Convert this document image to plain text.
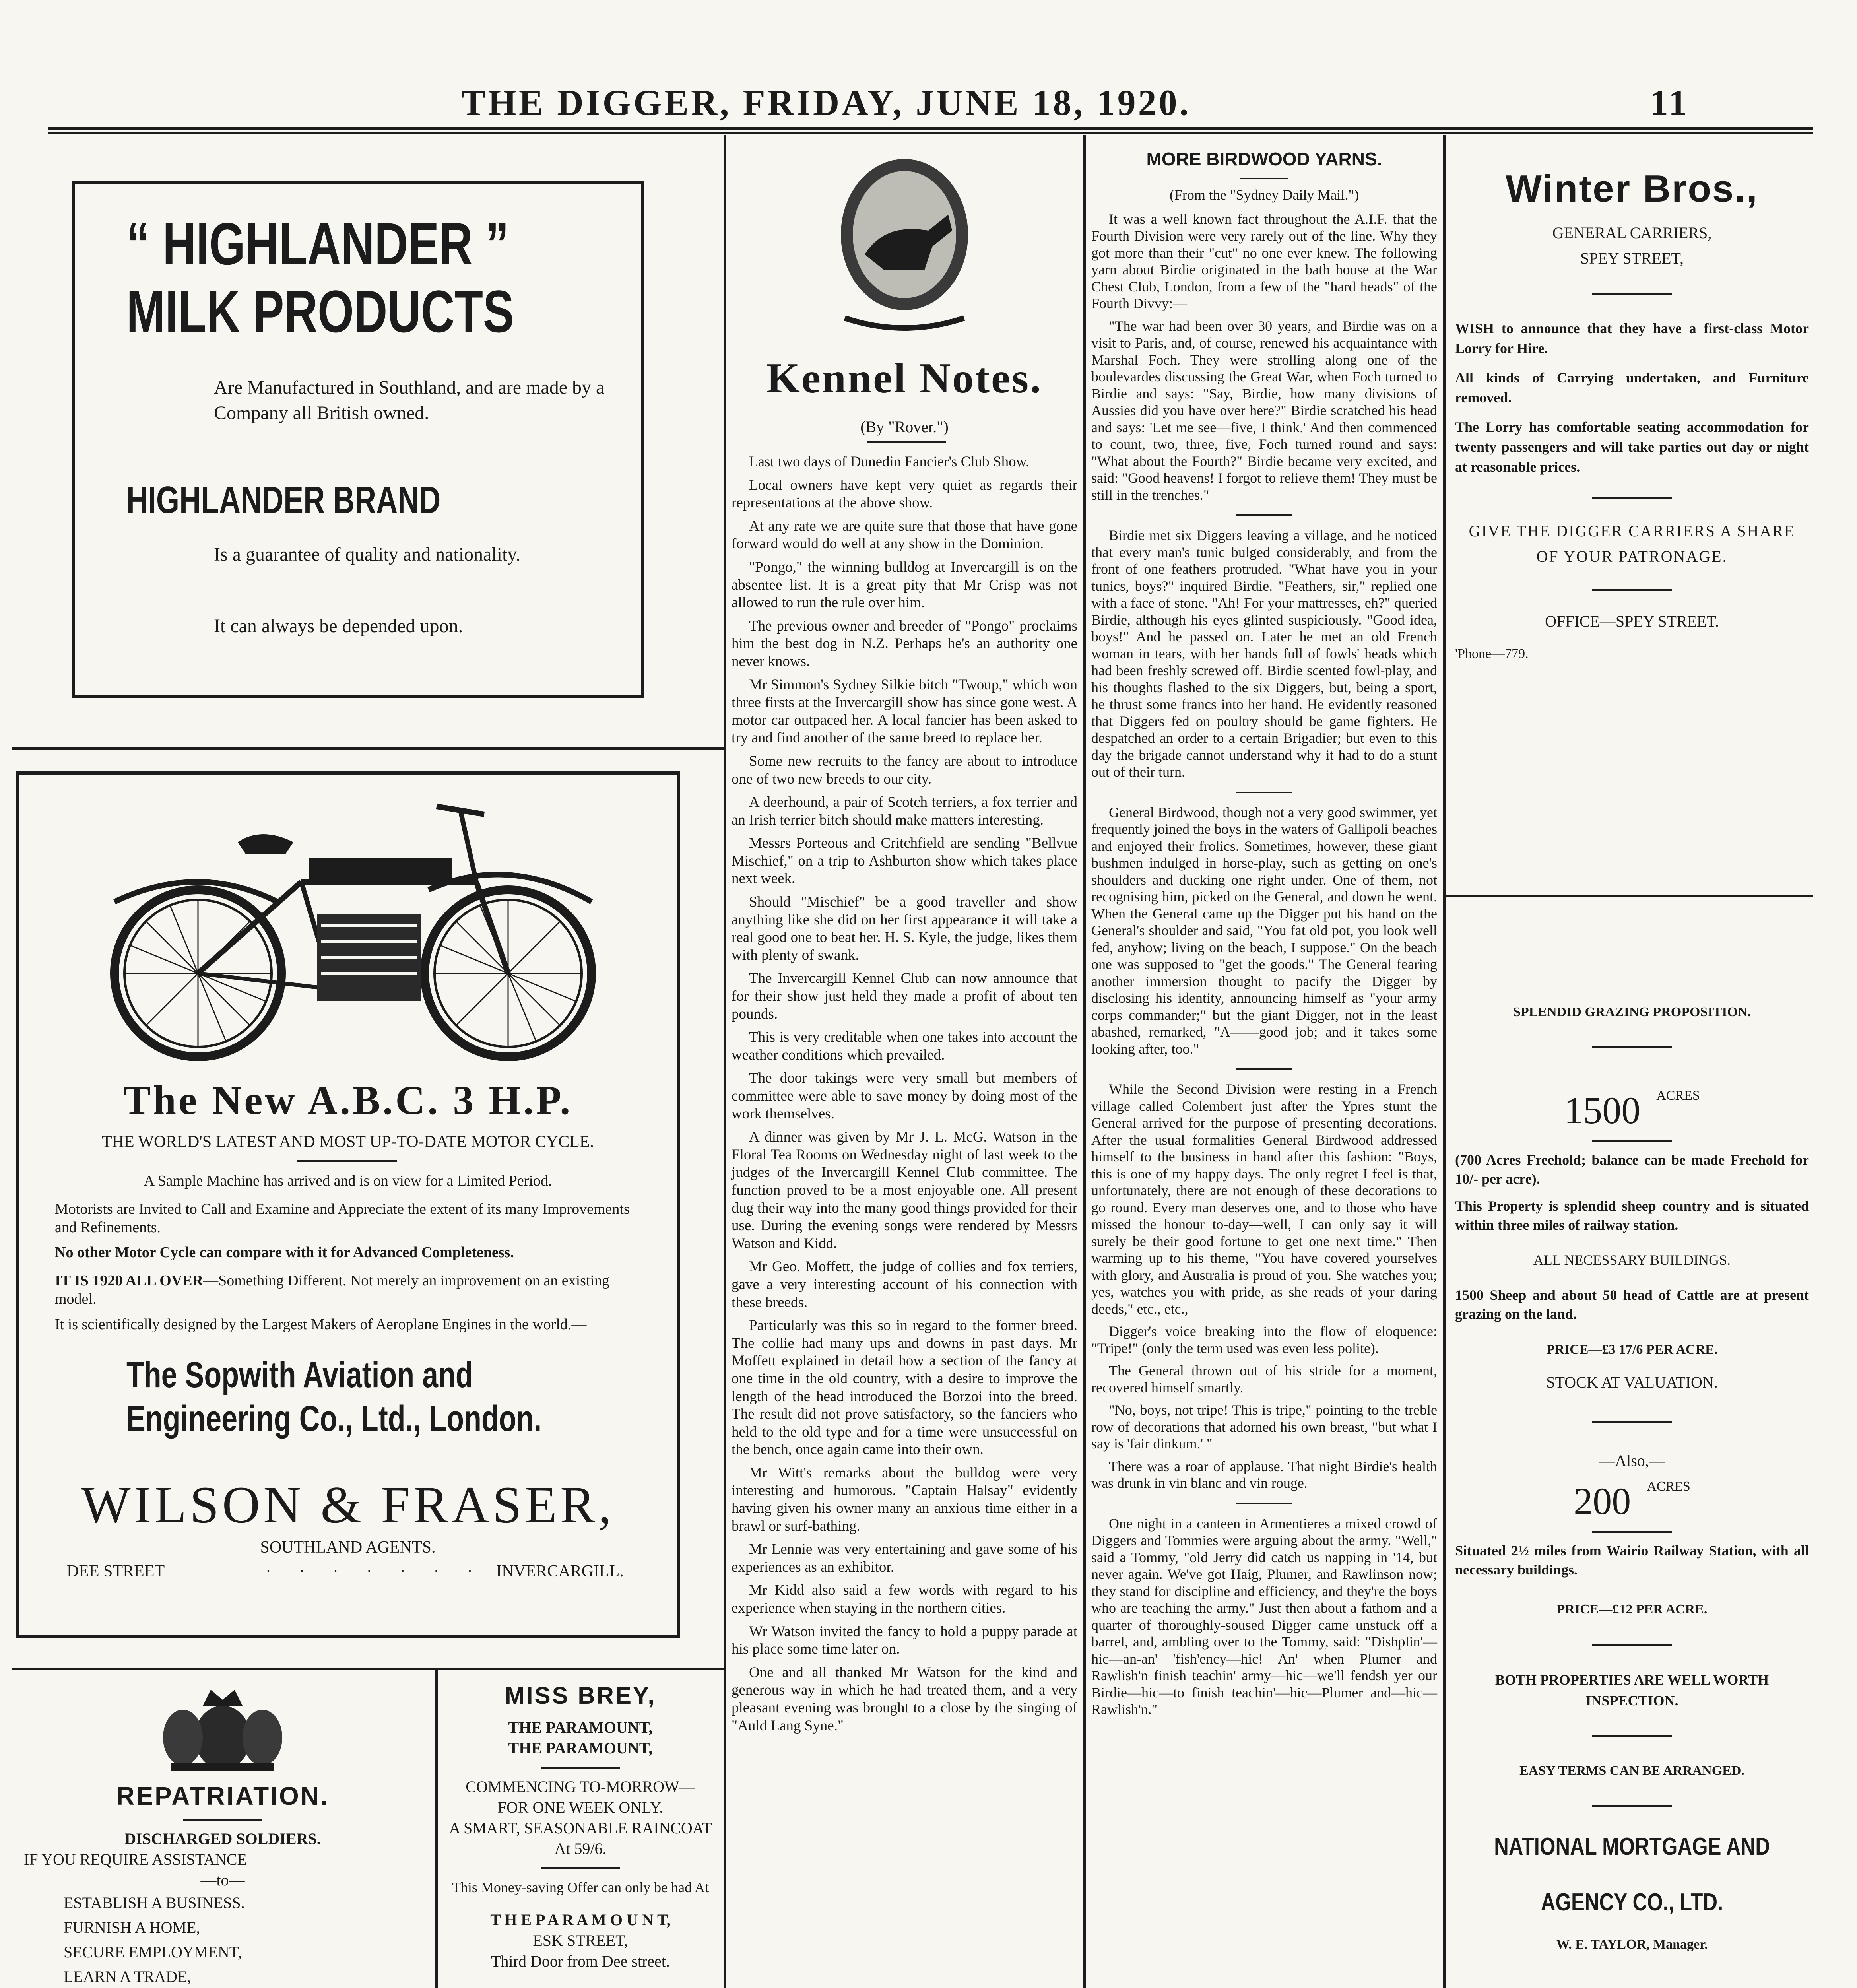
THE DIGGER, FRIDAY, JUNE 18, 1920.	11
“ HIGHLANDER ”
MILK PRODUCTS
Are Manufactured in Southland, and are made by a Company all British owned.
HIGHLANDER BRAND
Is a guarantee of quality and nationality.
It can always be depended upon.
The New A.B.C. 3 H.P.
THE WORLD'S LATEST AND MOST UP-TO-DATE MOTOR CYCLE.
A Sample Machine has arrived and is on view for a Limited Period.
Motorists are Invited to Call and Examine and Appreciate the extent of its many Improvements and Refinements.
No other Motor Cycle can compare with it for Advanced Completeness.
IT IS 1920 ALL OVER—Something Different. Not merely an improvement on an existing model.
It is scientifically designed by the Largest Makers of Aeroplane Engines in the world.—
The Sopwith Aviation and
Engineering Co., Ltd., London.
WILSON & FRASER,
SOUTHLAND AGENTS.
DEE STREET	· · · · · · · INVERCARGILL.
REPATRIATION.
DISCHARGED SOLDIERS.
IF YOU REQUIRE ASSISTANCE
—to—
ESTABLISH A BUSINESS.
FURNISH A HOME,
SECURE EMPLOYMENT,
LEARN A TRADE,
MISS BREY,
THE PARAMOUNT,
THE PARAMOUNT,
COMMENCING TO-MORROW—
FOR ONE WEEK ONLY.
A SMART, SEASONABLE RAINCOAT
At 59/6.
This Money-saving Offer can only be had At
T H E P A R A M O U N T,
ESK STREET,
Third Door from Dee street.
Kennel Notes.
(By "Rover.")

Last two days of Dunedin Fancier's Club Show.

Local owners have kept very quiet as regards their representations at the above show.

At any rate we are quite sure that those that have gone forward would do well at any show in the Dominion.

"Pongo," the winning bulldog at Invercargill is on the absentee list. It is a great pity that Mr Crisp was not allowed to run the rule over him.

The previous owner and breeder of "Pongo" proclaims him the best dog in N.Z. Perhaps he's an authority one never knows.

Mr Simmon's Sydney Silkie bitch "Twoup," which won three firsts at the Invercargill show has since gone west. A motor car outpaced her. A local fancier has been asked to try and find another of the same breed to replace her.

Some new recruits to the fancy are about to introduce one of two new breeds to our city.

A deerhound, a pair of Scotch terriers, a fox terrier and an Irish terrier bitch should make matters interesting.

Messrs Porteous and Critchfield are sending "Bellvue Mischief," on a trip to Ashburton show which takes place next week.

Should "Mischief" be a good traveller and show anything like she did on her first appearance it will take a real good one to beat her. H. S. Kyle, the judge, likes them with plenty of swank.

The Invercargill Kennel Club can now announce that for their show just held they made a profit of about ten pounds.

This is very creditable when one takes into account the weather conditions which prevailed.

The door takings were very small but members of committee were able to save money by doing most of the work themselves.

A dinner was given by Mr J. L. McG. Watson in the Floral Tea Rooms on Wednesday night of last week to the judges of the Invercargill Kennel Club committee. The function proved to be a most enjoyable one. All present dug their way into the many good things provided for their use. During the evening songs were rendered by Messrs Watson and Kidd.

Mr Geo. Moffett, the judge of collies and fox terriers, gave a very interesting account of his connection with these breeds.

Particularly was this so in regard to the former breed. The collie had many ups and downs in past days. Mr Moffett explained in detail how a section of the fancy at one time in the old country, with a desire to improve the length of the head introduced the Borzoi into the breed. The result did not prove satisfactory, so the fanciers who held to the old type and for a time were unsuccessful on the bench, once again came into their own.

Mr Witt's remarks about the bulldog were very interesting and humorous. "Captain Halsay" evidently having given his owner many an anxious time either in a brawl or surf-bathing.

Mr Lennie was very entertaining and gave some of his experiences as an exhibitor.

Mr Kidd also said a few words with regard to his experience when staying in the northern cities.

Wr Watson invited the fancy to hold a puppy parade at his place some time later on.

One and all thanked Mr Watson for the kind and generous way in which he had treated them, and a very pleasant evening was brought to a close by the singing of "Auld Lang Syne."

MORE BIRDWOOD YARNS.
(From the "Sydney Daily Mail.")

It was a well known fact throughout the A.I.F. that the Fourth Division were very rarely out of the line. Why they got more than their "cut" no one ever knew. The following yarn about Birdie originated in the bath house at the War Chest Club, London, from a few of the "hard heads" of the Fourth Divvy:—

"The war had been over 30 years, and Birdie was on a visit to Paris, and, of course, renewed his acquaintance with Marshal Foch. They were strolling along one of the boulevardes discussing the Great War, when Foch turned to Birdie and says: "Say, Birdie, how many divisions of Aussies did you have over here?" Birdie scratched his head and says: 'Let me see—five, I think.' And then commenced to count, two, three, five, Foch turned round and says: "What about the Fourth?" Birdie became very excited, and said: "Good heavens! I forgot to relieve them! They must be still in the trenches."

Birdie met six Diggers leaving a village, and he noticed that every man's tunic bulged considerably, and from the front of one feathers protruded. "What have you in your tunics, boys?" inquired Birdie. "Feathers, sir," replied one with a face of stone. "Ah! For your mattresses, eh?" queried Birdie, although his eyes glinted suspiciously. "Good idea, boys!" And he passed on. Later he met an old French woman in tears, with her hands full of fowls' heads which had been freshly screwed off. Birdie scented fowl-play, and his thoughts flashed to the six Diggers, but, being a sport, he thrust some francs into her hand. He evidently reasoned that Diggers fed on poultry should be game fighters. He despatched an order to a certain Brigadier; but even to this day the brigade cannot understand why it had to do a stunt out of their turn.

General Birdwood, though not a very good swimmer, yet frequently joined the boys in the waters of Gallipoli beaches and enjoyed their frolics. Sometimes, however, these giant bushmen indulged in horse-play, such as getting on one's shoulders and ducking one right under. One of them, not recognising him, picked on the General, and down he went. When the General came up the Digger put his hand on the General's shoulder and said, "You fat old pot, you look well fed, anyhow; living on the beach, I suppose." On the beach one was supposed to "get the goods." The General fearing another immersion thought to pacify the Digger by disclosing his identity, announcing himself as "your army corps commander;" but the giant Digger, not in the least abashed, remarked, "A——good job; and it takes some looking after, too."

While the Second Division were resting in a French village called Colembert just after the Ypres stunt the General arrived for the purpose of presenting decorations. After the usual formalities General Birdwood addressed himself to the business in hand after this fashion: "Boys, this is one of my happy days. The only regret I feel is that, unfortunately, there are not enough of these decorations to go round. Every man deserves one, and to those who have missed the honour to-day—well, I can only say it will surely be their good fortune to get one next time." Then warming up to his theme, "You have covered yourselves with glory, and Australia is proud of you. She watches you; yes, watches you with pride, as she reads of your daring deeds," etc., etc.,

Digger's voice breaking into the flow of eloquence: "Tripe!" (only the term used was even less polite).

The General thrown out of his stride for a moment, recovered himself smartly.

"No, boys, not tripe! This is tripe," pointing to the treble row of decorations that adorned his own breast, "but what I say is 'fair dinkum.' "

There was a roar of applause. That night Birdie's health was drunk in vin blanc and vin rouge.

One night in a canteen in Armentieres a mixed crowd of Diggers and Tommies were arguing about the army. "Well," said a Tommy, "old Jerry did catch us napping in '14, but never again. We've got Haig, Plumer, and Rawlinson now; they stand for discipline and efficiency, and they're the boys who are teaching the army." Just then about a fathom and a quarter of thoroughly-soused Digger came unstuck off a barrel, and, ambling over to the Tommy, said: "Dishplin'—hic—an-an' 'fish'ency—hic! An' when Plumer and Rawlish'n finish teachin' army—hic—we'll fendsh yer our Birdie—hic—to finish teachin'—hic—Plumer and—hic—Rawlish'n."

Winter Bros.,
GENERAL CARRIERS,
SPEY STREET,
WISH to announce that they have a first-class Motor Lorry for Hire.
All kinds of Carrying undertaken, and Furniture removed.
The Lorry has comfortable seating accommodation for twenty passengers and will take parties out day or night at reasonable prices.
GIVE THE DIGGER CARRIERS A SHARE OF YOUR PATRONAGE.
OFFICE—SPEY STREET.
'Phone—779.
SPLENDID GRAZING PROPOSITION.
1500 ACRES
(700 Acres Freehold; balance can be made Freehold for 10/- per acre).
This Property is splendid sheep country and is situated within three miles of railway station.
ALL NECESSARY BUILDINGS.
1500 Sheep and about 50 head of Cattle are at present grazing on the land.
PRICE—£3 17/6 PER ACRE.
STOCK AT VALUATION.
—Also,—
200 ACRES
Situated 2½ miles from Wairio Railway Station, with all necessary buildings.
PRICE—£12 PER ACRE.
BOTH PROPERTIES ARE WELL WORTH INSPECTION.
EASY TERMS CAN BE ARRANGED.
NATIONAL MORTGAGE AND
AGENCY CO., LTD.
W. E. TAYLOR, Manager.
